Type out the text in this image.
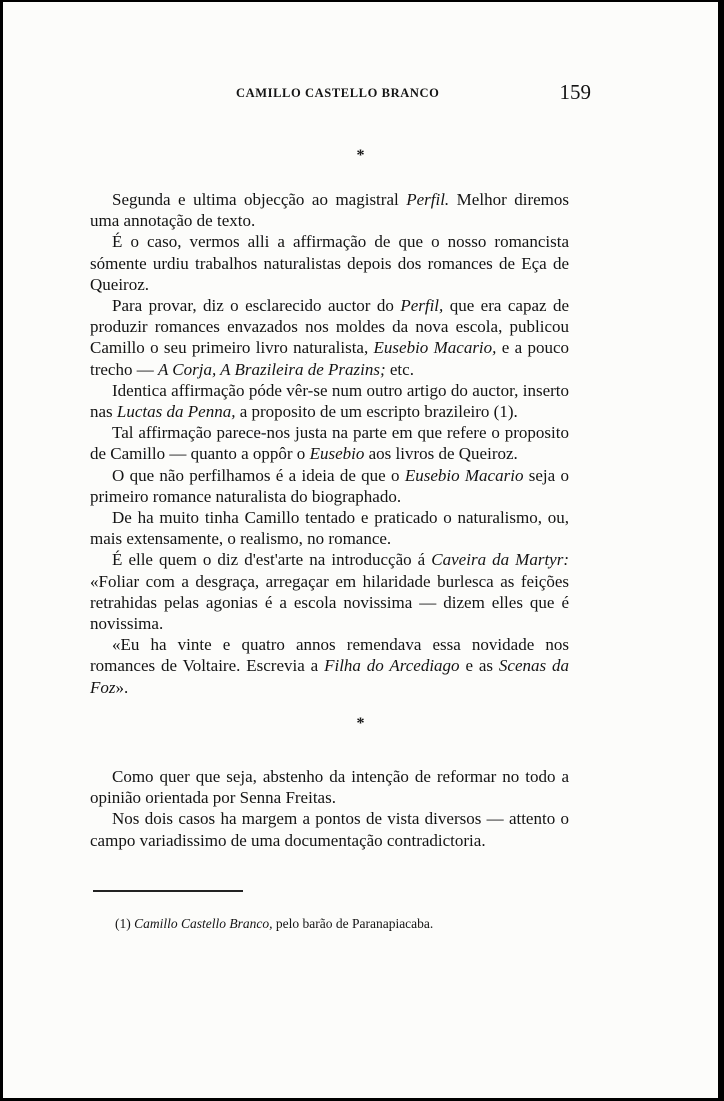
CAMILLO CASTELLO BRANCO	159
*

Segunda e ultima objecção ao magistral Perfil. Melhor diremos uma annotação de texto.

É o caso, vermos alli a affirmação de que o nosso romancista sómente urdiu trabalhos naturalistas depois dos romances de Eça de Queiroz.

Para provar, diz o esclarecido auctor do Perfil, que era capaz de produzir romances envazados nos moldes da nova escola, publicou Camillo o seu primeiro livro naturalista, Eusebio Macario, e a pouco trecho — A Corja, A Brazileira de Prazins; etc.

Identica affirmação póde vêr-se num outro artigo do auctor, inserto nas Luctas da Penna, a proposito de um escripto brazileiro (1).

Tal affirmação parece-nos justa na parte em que refere o proposito de Camillo — quanto a oppôr o Eusebio aos livros de Queiroz.

O que não perfilhamos é a ideia de que o Eusebio Macario seja o primeiro romance naturalista do biographado.

De ha muito tinha Camillo tentado e praticado o naturalismo, ou, mais extensamente, o realismo, no romance.

É elle quem o diz d'est'arte na introducção á Caveira da Martyr: «Foliar com a desgraça, arregaçar em hilaridade burlesca as feições retrahidas pelas agonias é a escola novissima — dizem elles que é novissima.

«Eu ha vinte e quatro annos remendava essa novidade nos romances de Voltaire. Escrevia a Filha do Arcediago e as Scenas da Foz».

*

Como quer que seja, abstenho da intenção de reformar no todo a opinião orientada por Senna Freitas.

Nos dois casos ha margem a pontos de vista diversos — attento o campo variadissimo de uma documentação contradictoria.

(1) Camillo Castello Branco, pelo barão de Paranapiacaba.
